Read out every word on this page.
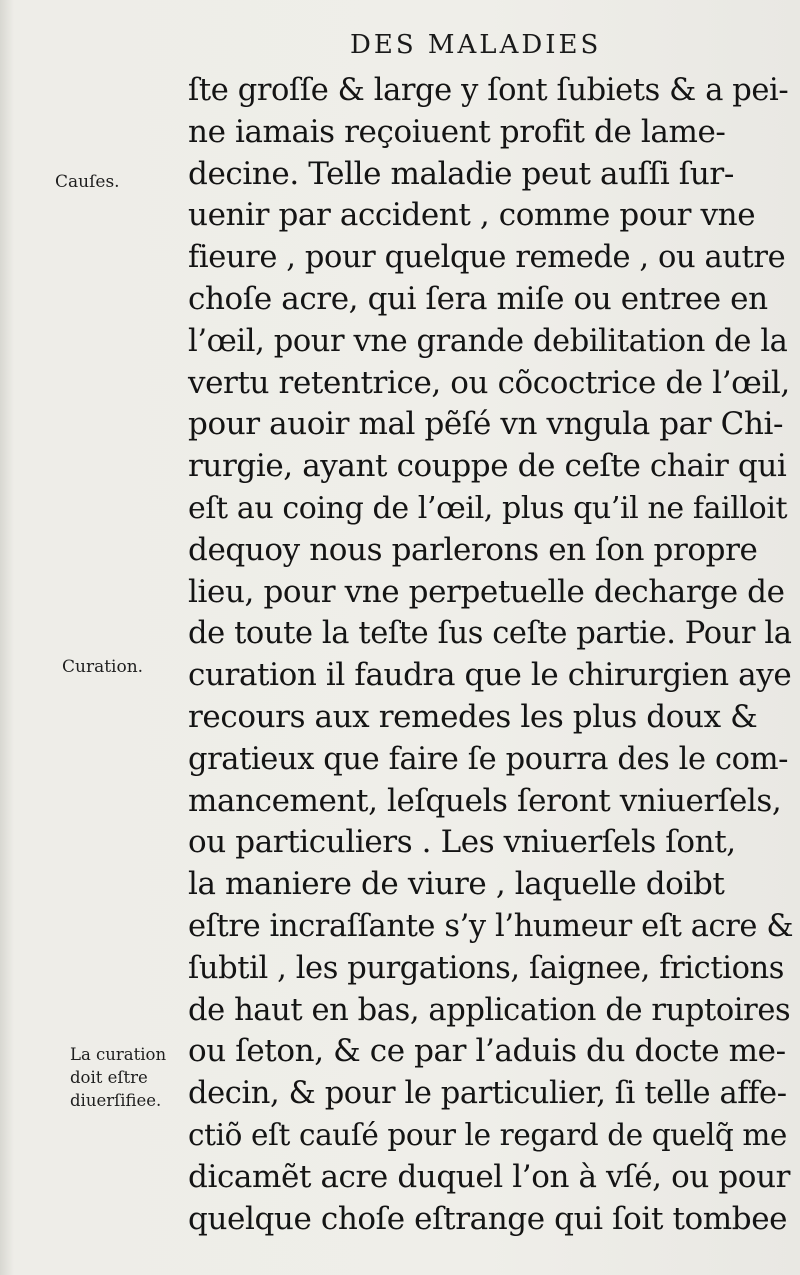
DES MALADIES
Cauſes.
Curation.
La curation
doit eſtre
diuerſifiee.
ſte groſſe & large y ſont ſubiets & a pei-
ne iamais reçoiuent profit de lame-
decine. Telle maladie peut auſſi ſur-
uenir par accident , comme pour vne
fieure , pour quelque remede , ou autre
choſe acre, qui ſera miſe ou entree en
l’œil, pour vne grande debilitation de la
vertu retentrice, ou cõcoctrice de l’œil,
pour auoir mal pẽſé vn vngula par Chi-
rurgie, ayant couppe de ceſte chair qui
eſt au coing de l’œil, plus qu’il ne failloit
dequoy nous parlerons en ſon propre
lieu, pour vne perpetuelle decharge de
de toute la teſte ſus ceſte partie. Pour la
curation il faudra que le chirurgien aye
recours aux remedes les plus doux &
gratieux que faire ſe pourra des le com-
mancement, leſquels ſeront vniuerſels,
ou particuliers . Les vniuerſels ſont,
la maniere de viure , laquelle doibt
eſtre incraſſante s’y l’humeur eſt acre &
ſubtil , les purgations, ſaignee, frictions
de haut en bas, application de ruptoires
ou ſeton, & ce par l’aduis du docte me-
decin, & pour le particulier, ſi telle affe-
ctiõ eſt cauſé pour le regard de quelq̃ me
dicamẽt acre duquel l’on à vſé, ou pour
quelque choſe eſtrange qui ſoit tombee
